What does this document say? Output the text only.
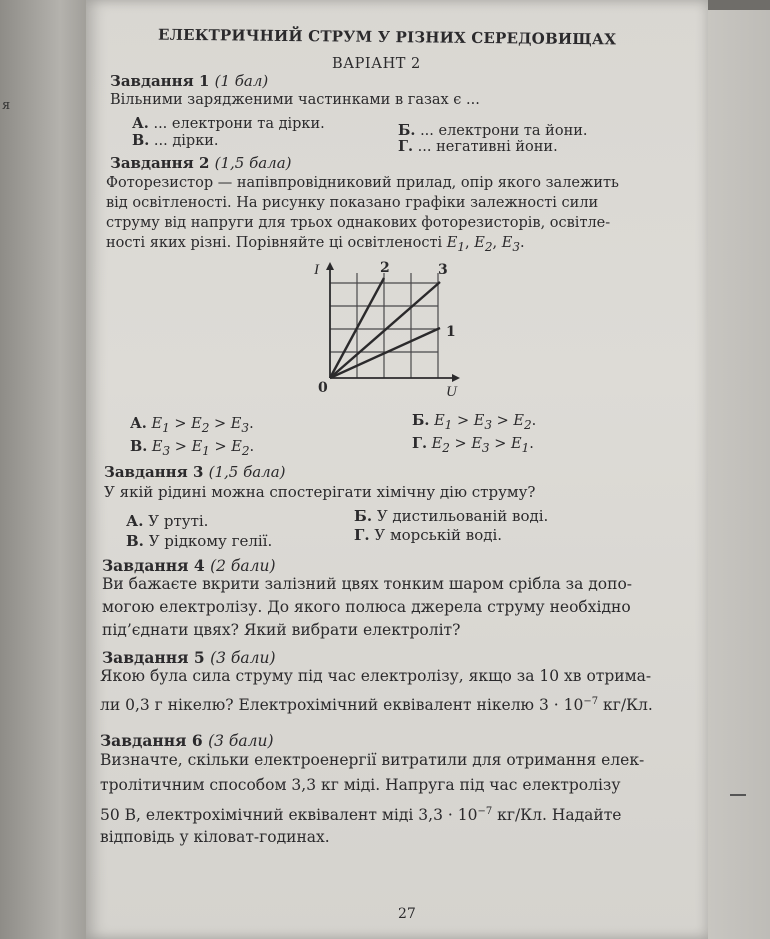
я
ЕЛЕКТРИЧНИЙ СТРУМ У РІЗНИХ СЕРЕДОВИЩАХ
ВАРІАНТ 2
Завдання 1 (1 бал)
Вільними зарядженими частинками в газах є ...
А. ... електрони та дірки.	Б. ... електрони та йони.
В. ... дірки.	Г. ... негативні йони.
Завдання 2 (1,5 бала)
Фоторезистор — напівпровідниковий прилад, опір якого залежить
від освітленості. На рисунку показано графіки залежності сили
струму від напруги для трьох однакових фоторезисторів, освітле-
ності яких різні. Порівняйте ці освітленості $E_1$, $E_2$, $E_3$.
I
U
0
2	3
1
А. $E_1 > E_2 > E_3$.	Б. $E_1 > E_3 > E_2$.
В. $E_3 > E_1 > E_2$.	Г. $E_2 > E_3 > E_1$.
Завдання 3 (1,5 бала)
У якій рідині можна спостерігати хімічну дію струму?
А. У ртуті.	Б. У дистильованій воді.
В. У рідкому гелії.	Г. У морській воді.
Завдання 4 (2 бали)
Ви бажаєте вкрити залізний цвях тонким шаром срібла за допо-
могою електролізу. До якого полюса джерела струму необхідно
під’єднати цвях? Який вибрати електроліт?
Завдання 5 (3 бали)
Якою була сила струму під час електролізу, якщо за 10 хв отрима-
ли 0,3 г нікелю? Електрохімічний еквівалент нікелю $3 \cdot 10^{-7}$ кг/Кл.
Завдання 6 (3 бали)
Визначте, скільки електроенергії витратили для отримання елек-
тролітичним способом 3,3 кг міді. Напруга під час електролізу
50 В, електрохімічний еквівалент міді $3,3 \cdot 10^{-7}$ кг/Кл. Надайте
відповідь у кіловат-годинах.
27
